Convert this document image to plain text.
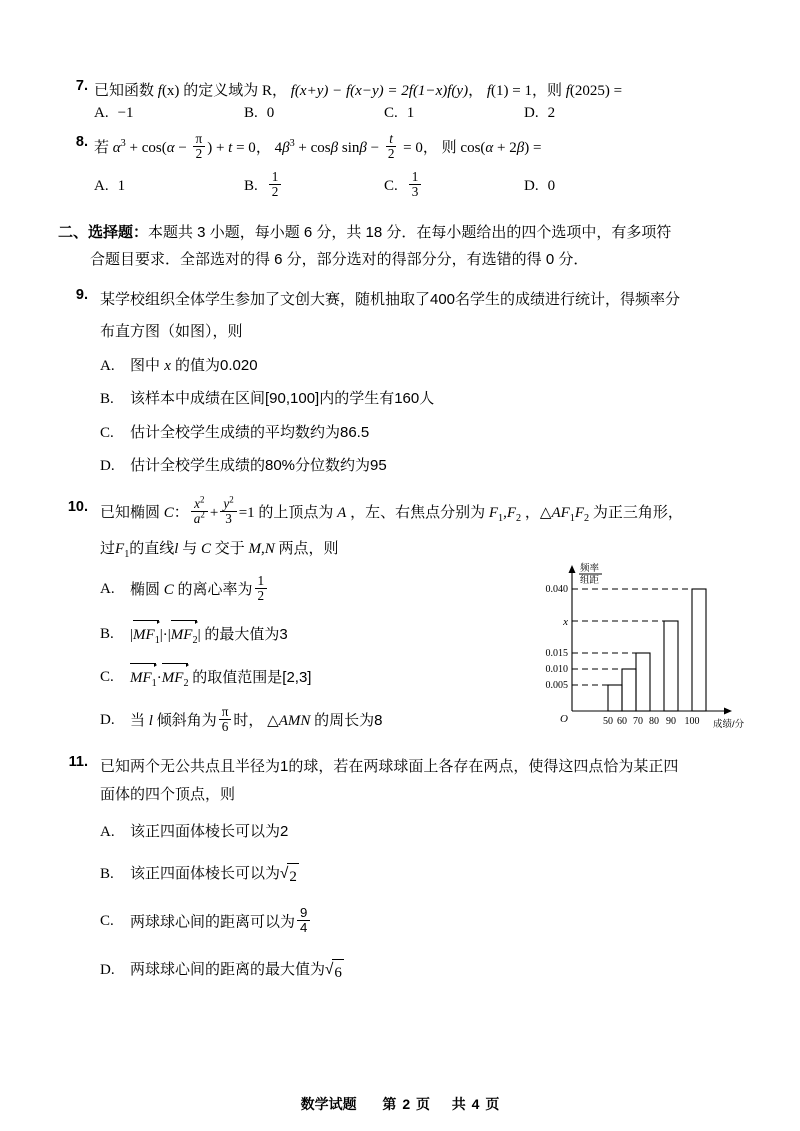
7. 已知函数 f(x) 的定义域为 R， f(x+y) − f(x−y) = 2f(1−x)f(y)， f(1) = 1，则 f(2025) =
A. −1	B. 0	C. 1	D. 2
8. 若 $\alpha^3 + \cos(\alpha - \frac{\pi}{2}$ ) + t = 0， $4\beta^3 + \cos\beta$ $\sin\beta - \frac{t}{2} = 0$， 则 cos(α + 2β) =
A. 1	B. $\frac{1}{2}$	C. $\frac{1}{3}$	D. 0
二、选择题： 本题共 3 小题，每小题 6 分，共 18 分．在每小题给出的四个选项中，有多项符
合题目要求．全部选对的得 6 分，部分选对的得部分分，有选错的得 0 分．
9. 某学校组织全体学生参加了文创大赛，随机抽取了400名学生的成绩进行统计，得频率分
布直方图（如图），则
A.	图中 x 的值为0.020
B.	该样本中成绩在区间[90,100]内的学生有160人
C.	估计全校学生成绩的平均数约为86.5
D.	估计全校学生成绩的80%分位数约为95
0.040
x
0.015
0.010
0.005
50 60 70 80 90 100
频率
组距
成绩/分
O
10. 已知椭圆 C： $\frac{x^2}{a^2} + \frac{y^2}{3} =1$ 的上顶点为 A ，左、右焦点分别为 $F_1,F_2$ ，$\triangle AF_1F_2$ 为正三角形，
过$F_1$的直线l 与 C 交于 M,N 两点，则
A.	椭圆 C 的离心率为 $\frac{1}{2}$
B.	$|MF_1|\cdot|MF_2|$ 的最大值为3
C.	$MF_1\cdot MF_2$ 的取值范围是[2,3]
D.	当 l 倾斜角为 $\frac{\pi}{6}$ 时， △AMN 的周长为8
11. 已知两个无公共点且半径为1的球，若在两球球面上各存在两点，使得这四点恰为某正四
面体的四个顶点，则
A.	该正四面体棱长可以为2
B.	该正四面体棱长可以为 √ 2
C.	两球球心间的距离可以为 $\frac{9}{4}$
D.	两球球心间的距离的最大值为 √ 6
数学试题 第 2 页 共 4 页
